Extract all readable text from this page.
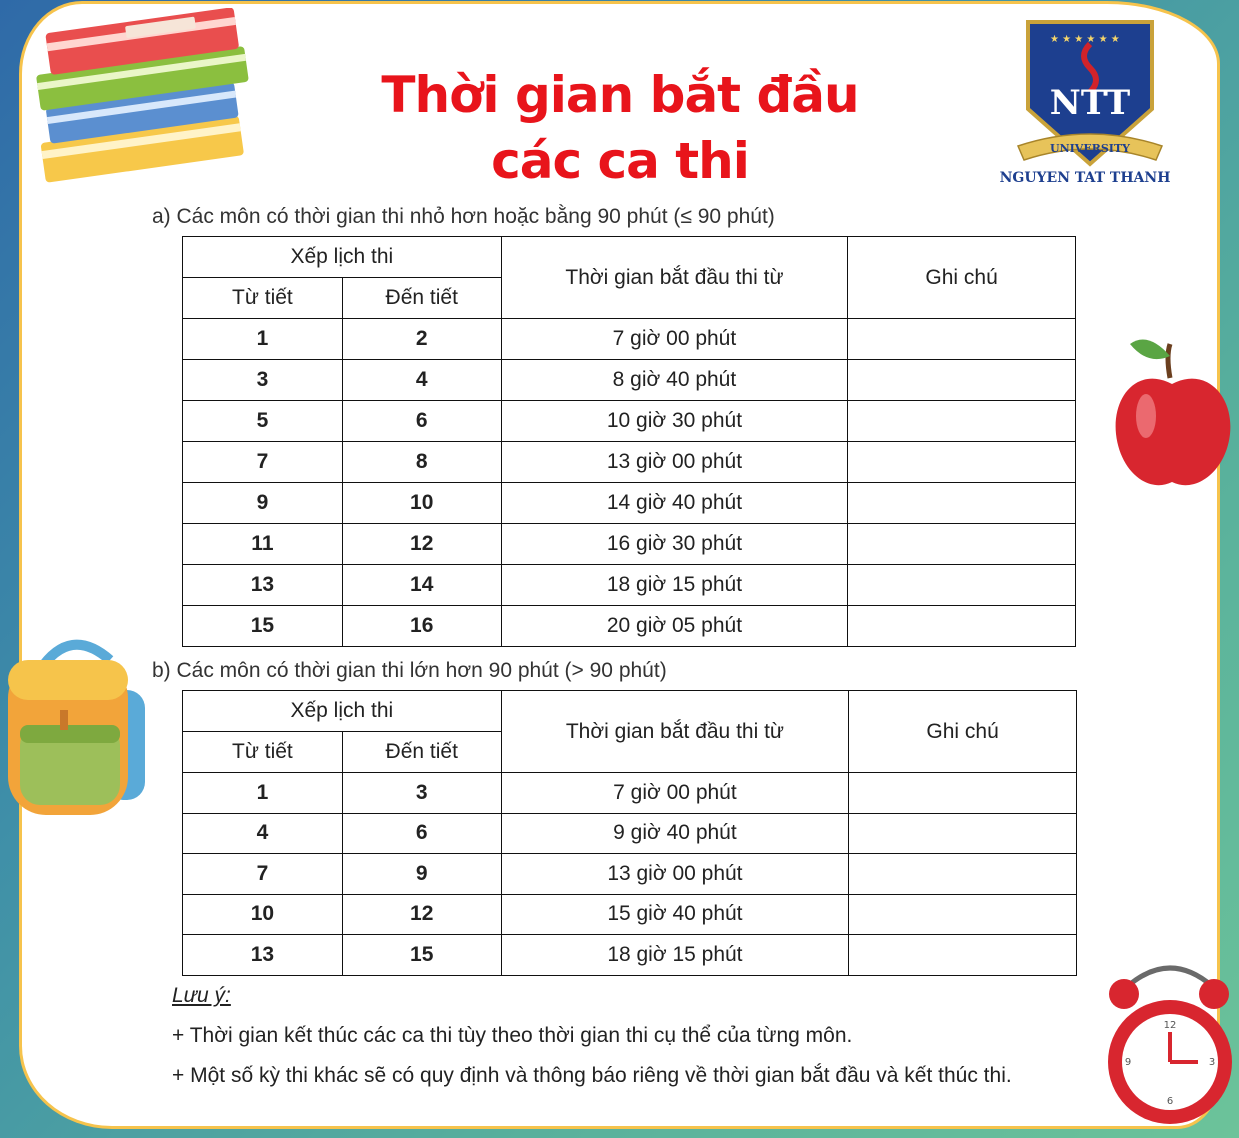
★ ★ ★ ★ ★ ★
NTT
UNIVERSITY
NGUYEN TAT THANH
12
3
6
9
Thời gian bắt đầu
các ca thi
a) Các môn có thời gian thi nhỏ hơn hoặc bằng 90 phút (≤ 90 phút)
Xếp lịch thi		Thời gian bắt đầu thi từ	Ghi chú
Từ tiết	Đến tiết		
1	2	7 giờ 00 phút	
3	4	8 giờ 40 phút	
5	6	10 giờ 30 phút	
7	8	13 giờ 00 phút	
9	10	14 giờ 40 phút	
11	12	16 giờ 30 phút	
13	14	18 giờ 15 phút	
15	16	20 giờ 05 phút	
b) Các môn có thời gian thi lớn hơn 90 phút (> 90 phút)
Xếp lịch thi		Thời gian bắt đầu thi từ	Ghi chú
Từ tiết	Đến tiết		
1	3	7 giờ 00 phút	
4	6	9 giờ 40 phút	
7	9	13 giờ 00 phút	
10	12	15 giờ 40 phút	
13	15	18 giờ 15 phút	
Lưu ý:
+ Thời gian kết thúc các ca thi tùy theo thời gian thi cụ thể của từng môn.
+ Một số kỳ thi khác sẽ có quy định và thông báo riêng về thời gian bắt đầu và kết thúc thi.
